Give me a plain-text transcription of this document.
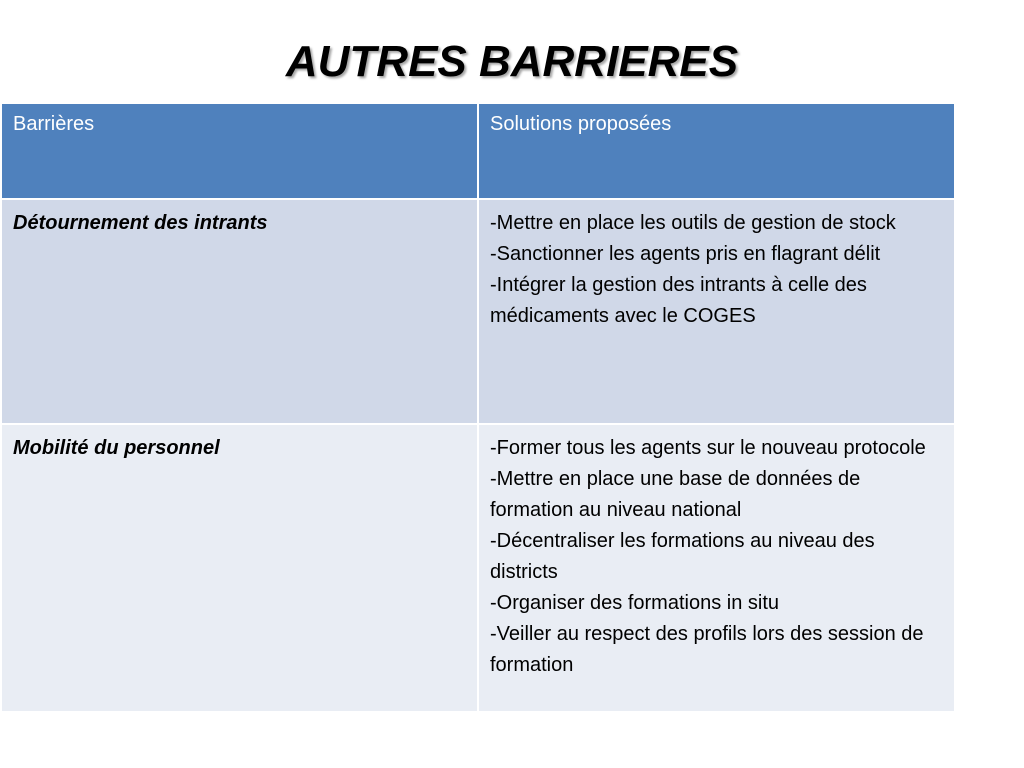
AUTRES BARRIERES
Barrières	Solutions proposées
Détournement des intrants	-Mettre en place les outils de gestion de stock
-Sanctionner les agents pris en flagrant délit
-Intégrer la gestion des intrants à celle des médicaments avec le COGES

Mobilité du personnel	-Former tous les agents sur le nouveau protocole
-Mettre en place une base de données de formation au niveau national
-Décentraliser les formations au niveau des districts
-Organiser des formations in situ
-Veiller au respect des profils lors des session de formation
